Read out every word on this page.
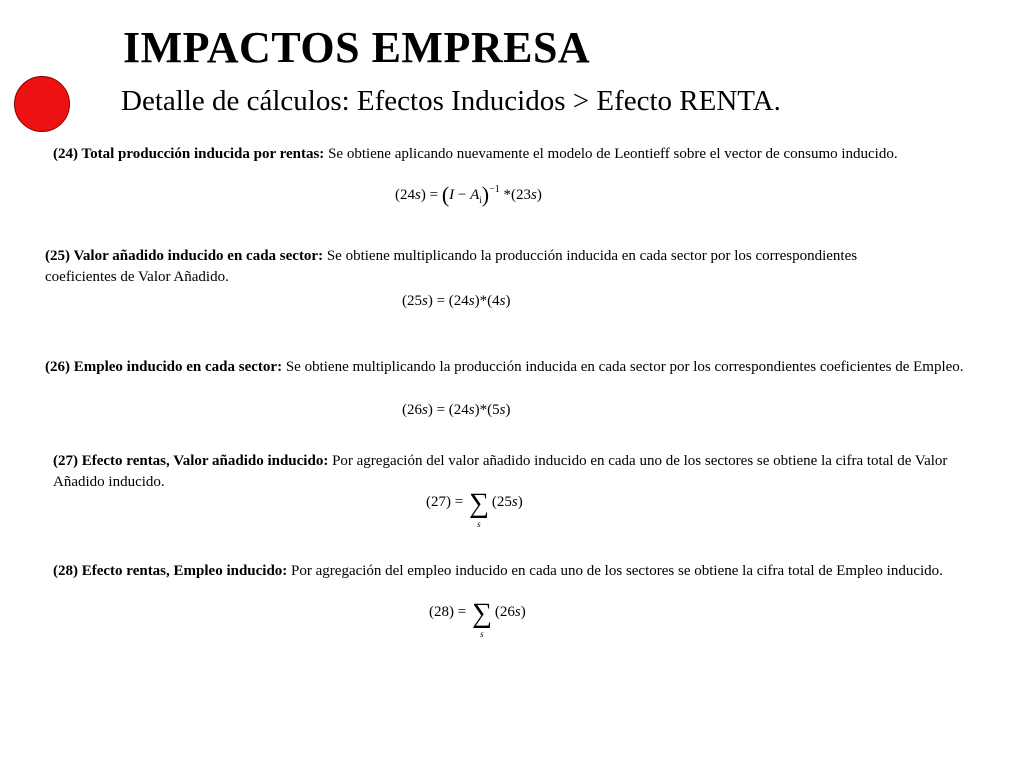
IMPACTOS EMPRESA
Detalle de cálculos: Efectos Inducidos > Efecto RENTA.
(24) Total producción inducida por rentas: Se obtiene aplicando nuevamente el modelo de Leontieff sobre el vector de consumo inducido.
$(24s) = (I - A_i)^{-1}$ *(23s)
(25) Valor añadido inducido en cada sector: Se obtiene multiplicando la producción inducida en cada sector por los correspondientes coeficientes de Valor Añadido.
(25s) = (24s)*(4s)
(26) Empleo inducido en cada sector: Se obtiene multiplicando la producción inducida en cada sector por los correspondientes coeficientes de Empleo.
(26s) = (24s)*(5s)
(27) Efecto rentas, Valor añadido inducido: Por agregación del valor añadido inducido en cada uno de los sectores se obtiene la cifra total de Valor Añadido inducido.
(27) = ∑
s
(25s)
(28) Efecto rentas, Empleo inducido: Por agregación del empleo inducido en cada uno de los sectores se obtiene la cifra total de Empleo inducido.
(28) = ∑
s
(26s)
